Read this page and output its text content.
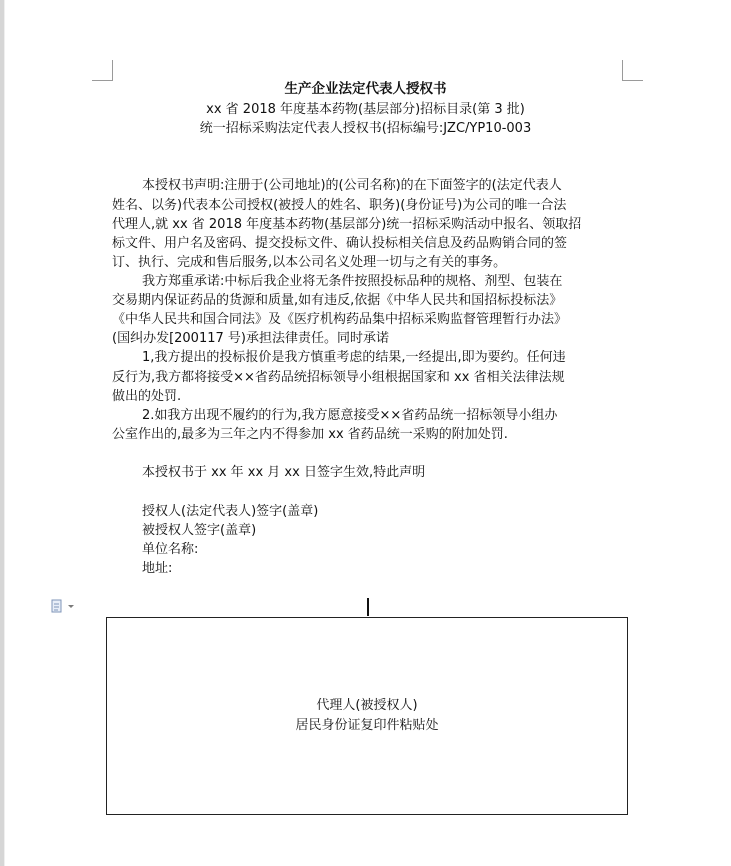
生产企业法定代表人授权书
xx 省 2018 年度基本药物(基层部分)招标目录(第 3 批)
统一招标采购法定代表人授权书(招标编号:JZC/YP10-003
本授权书声明:注册于(公司地址)的(公司名称)的在下面签字的(法定代表人
姓名、以务)代表本公司授权(被授人的姓名、职务)(身份证号)为公司的唯一合法
代理人,就 xx 省 2018 年度基本药物(基层部分)统一招标采购活动中报名、领取招
标文件、用户名及密码、提交投标文件、确认投标相关信息及药品购销合同的签
订、执行、完成和售后服务,以本公司名义处理一切与之有关的事务。
我方郑重承诺:中标后我企业将无条件按照投标品种的规格、剂型、包装在
交易期内保证药品的货源和质量,如有违反,依据《中华人民共和国招标投标法》
《中华人民共和国合同法》及《医疗机构药品集中招标采购监督管理暂行办法》
(国纠办发[200117 号)承担法律责任。同时承诺
1,我方提出的投标报价是我方慎重考虑的结果,一经提出,即为要约。任何违
反行为,我方都将接受××省药品统招标领导小组根据国家和 xx 省相关法律法规
做出的处罚.
2.如我方出现不履约的行为,我方愿意接受××省药品统一招标领导小组办
公室作出的,最多为三年之内不得参加 xx 省药品统一采购的附加处罚.
本授权书于 xx 年 xx 月 xx 日签字生效,特此声明
授权人(法定代表人)签字(盖章)
被授权人签字(盖章)
单位名称:
地址:
代理人(被授权人)
居民身份证复印件粘贴处
